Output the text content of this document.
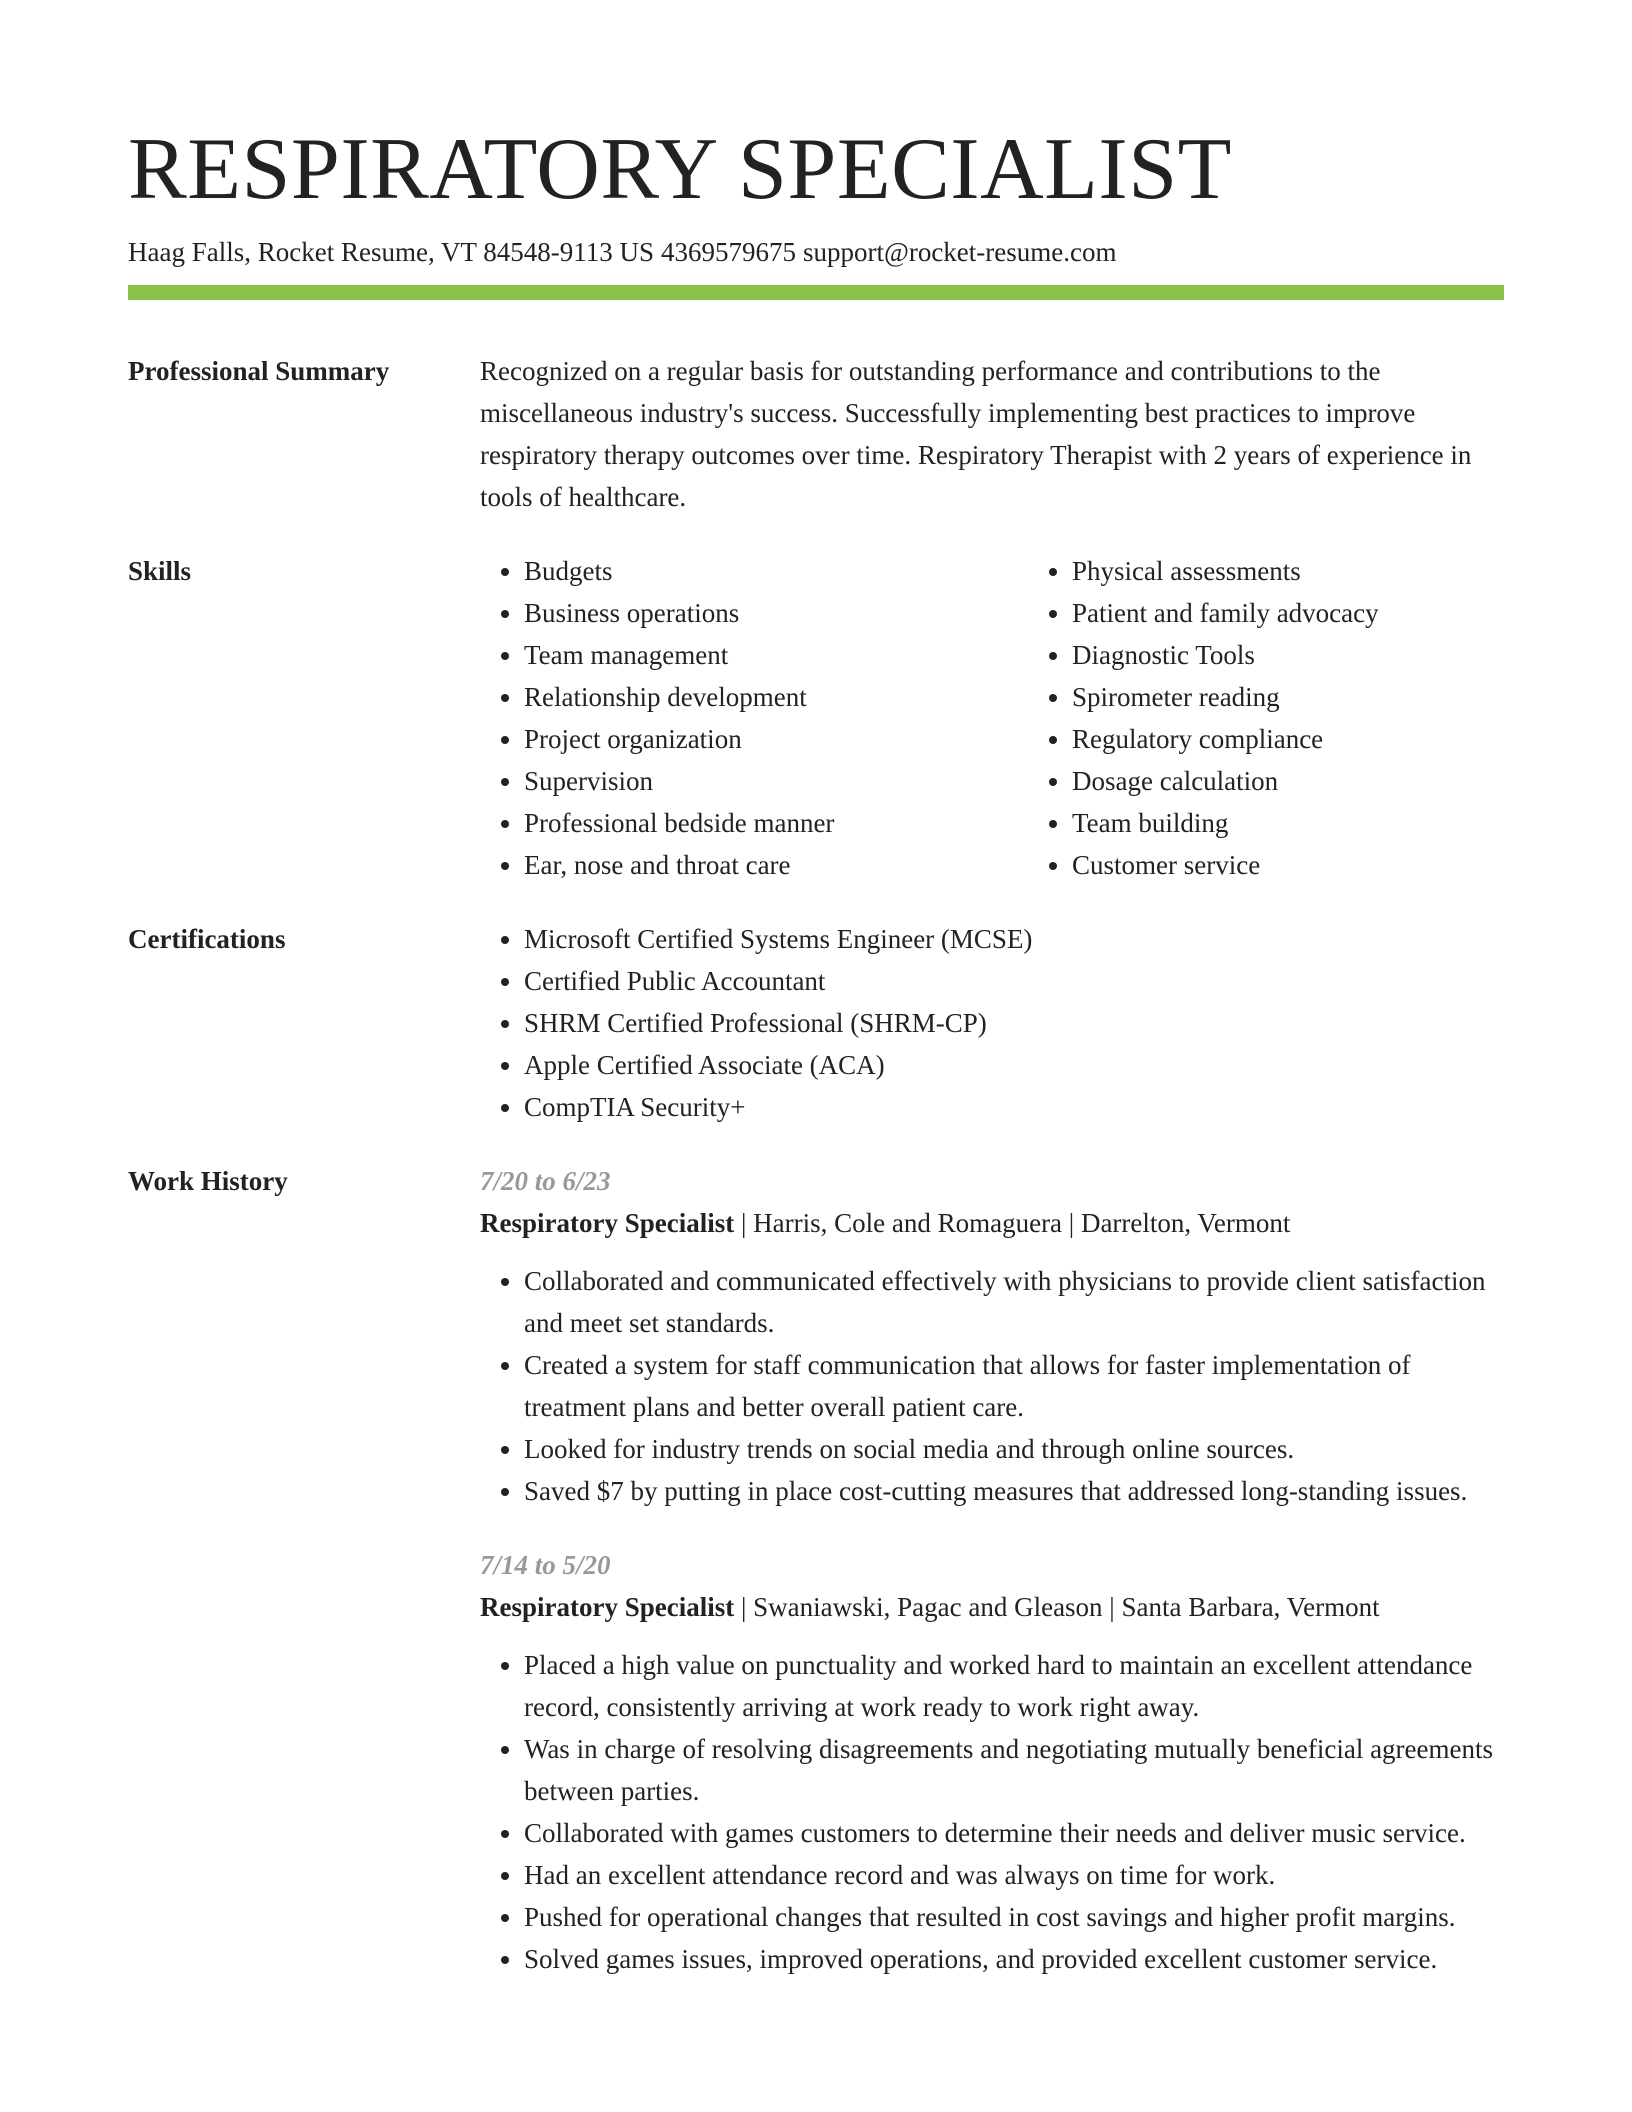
RESPIRATORY SPECIALIST
Haag Falls, Rocket Resume, VT 84548-9113 US 4369579675 support@rocket-resume.com
Professional Summary	Recognized on a regular basis for outstanding performance and contributions to the miscellaneous industry's success. Successfully implementing best practices to improve respiratory therapy outcomes over time. Respiratory Therapist with 2 years of experience in tools of healthcare.
Skills	• Budgets
• Business operations
• Team management
• Relationship development
• Project organization
• Supervision
• Professional bedside manner
• Ear, nose and throat care
• Physical assessments
• Patient and family advocacy
• Diagnostic Tools
• Spirometer reading
• Regulatory compliance
• Dosage calculation
• Team building
• Customer service
Certifications	• Microsoft Certified Systems Engineer (MCSE)
• Certified Public Accountant
• SHRM Certified Professional (SHRM-CP)
• Apple Certified Associate (ACA)
• CompTIA Security+
Work History	7/20 to 6/23
Respiratory Specialist | Harris, Cole and Romaguera | Darrelton, Vermont
• Collaborated and communicated effectively with physicians to provide client satisfaction and meet set standards.
• Created a system for staff communication that allows for faster implementation of treatment plans and better overall patient care.
• Looked for industry trends on social media and through online sources.
• Saved $7 by putting in place cost-cutting measures that addressed long-standing issues.
7/14 to 5/20
Respiratory Specialist | Swaniawski, Pagac and Gleason | Santa Barbara, Vermont
• Placed a high value on punctuality and worked hard to maintain an excellent attendance record, consistently arriving at work ready to work right away.
• Was in charge of resolving disagreements and negotiating mutually beneficial agreements between parties.
• Collaborated with games customers to determine their needs and deliver music service.
• Had an excellent attendance record and was always on time for work.
• Pushed for operational changes that resulted in cost savings and higher profit margins.
• Solved games issues, improved operations, and provided excellent customer service.
